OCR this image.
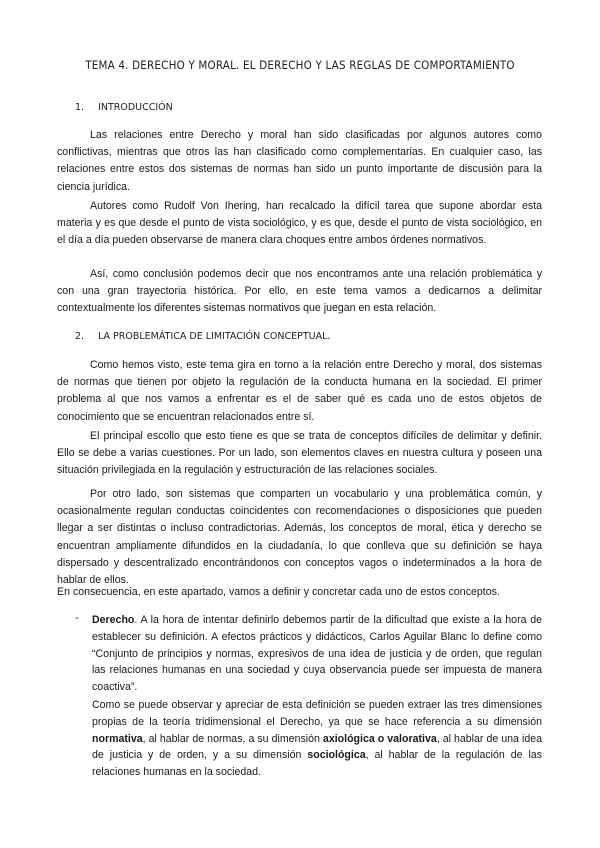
TEMA 4. DERECHO Y MORAL. EL DERECHO Y LAS REGLAS DE COMPORTAMIENTO
1. INTRODUCCIÓN

Las relaciones entre Derecho y moral han sido clasificadas por algunos autores como conflictivas, mientras que otros las han clasificado como complementarias. En cualquier caso, las relaciones entre estos dos sistemas de normas han sido un punto importante de discusión para la ciencia jurídica.

Autores como Rudolf Von Ihering, han recalcado la difícil tarea que supone abordar esta materia y es que desde el punto de vista sociológico, y es que, desde el punto de vista sociológico, en el día a día pueden observarse de manera clara choques entre ambos órdenes normativos.

Así, como conclusión podemos decir que nos encontramos ante una relación problemática y con una gran trayectoria histórica. Por ello, en este tema vamos a dedicarnos a delimitar contextualmente los diferentes sistemas normativos que juegan en esta relación.

2. LA PROBLEMÁTICA DE LIMITACIÓN CONCEPTUAL.

Como hemos visto, este tema gira en torno a la relación entre Derecho y moral, dos sistemas de normas que tienen por objeto la regulación de la conducta humana en la sociedad. El primer problema al que nos vamos a enfrentar es el de saber qué es cada uno de estos objetos de conocimiento que se encuentran relacionados entre sí.

El principal escollo que esto tiene es que se trata de conceptos difíciles de delimitar y definir. Ello se debe a varias cuestiones. Por un lado, son elementos claves en nuestra cultura y poseen una situación privilegiada en la regulación y estructuración de las relaciones sociales.

Por otro lado, son sistemas que comparten un vocabulario y una problemática común, y ocasionalmente regulan conductas coincidentes con recomendaciones o disposiciones que pueden llegar a ser distintas o incluso contradictorias. Además, los conceptos de moral, ética y derecho se encuentran ampliamente difundidos en la ciudadanía, lo que conlleva que su definición se haya dispersado y descentralizado encontrándonos con conceptos vagos o indeterminados a la hora de hablar de ellos.

En consecuencia, en este apartado, vamos a definir y concretar cada uno de estos conceptos.

- Derecho. A la hora de intentar definirlo debemos partir de la dificultad que existe a la hora de establecer su definición. A efectos prácticos y didácticos, Carlos Aguilar Blanc lo define como “Conjunto de principios y normas, expresivos de una idea de justicia y de orden, que regulan las relaciones humanas en una sociedad y cuya observancia puede ser impuesta de manera coactiva”.

Como se puede observar y apreciar de esta definición se pueden extraer las tres dimensiones propias de la teoría tridimensional el Derecho, ya que se hace referencia a su dimensión normativa, al hablar de normas, a su dimensión axiológica o valorativa, al hablar de una idea de justicia y de orden, y a su dimensión sociológica, al hablar de la regulación de las relaciones humanas en la sociedad.
